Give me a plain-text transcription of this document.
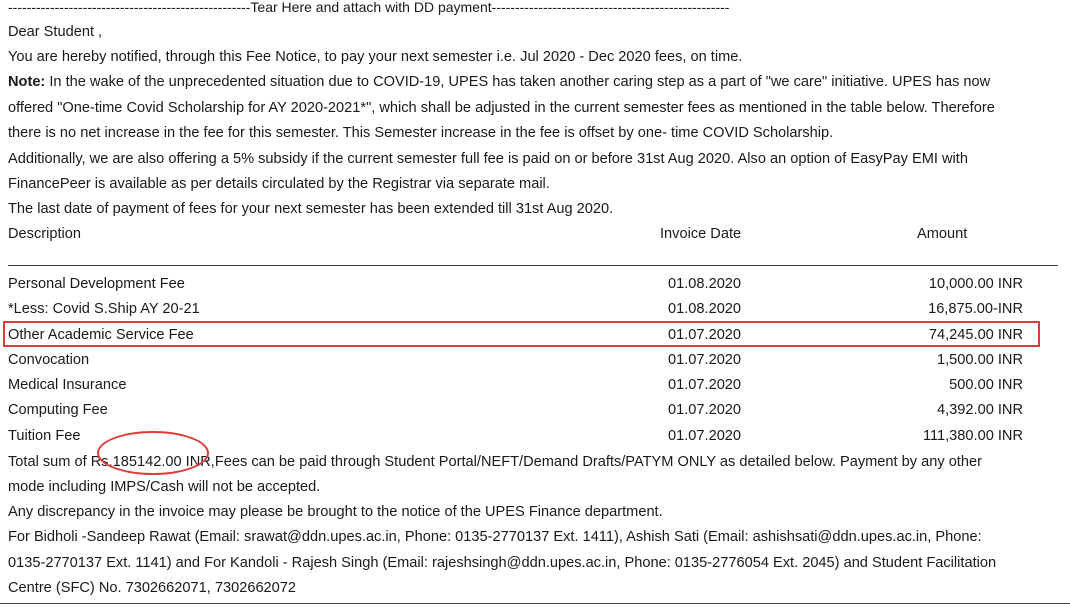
----------------------------------------------------Tear Here and attach with DD payment---------------------------------------------------
Dear Student ,
You are hereby notified, through this Fee Notice, to pay your next semester i.e. Jul 2020 - Dec 2020 fees, on time.
Note: In the wake of the unprecedented situation due to COVID-19, UPES has taken another caring step as a part of "we care" initiative. UPES has now
offered "One-time Covid Scholarship for AY 2020-2021*", which shall be adjusted in the current semester fees as mentioned in the table below. Therefore
there is no net increase in the fee for this semester. This Semester increase in the fee is offset by one- time COVID Scholarship.
Additionally, we are also offering a 5% subsidy if the current semester full fee is paid on or before 31st Aug 2020. Also an option of EasyPay EMI with
FinancePeer is available as per details circulated by the Registrar via separate mail.
The last date of payment of fees for your next semester has been extended till 31st Aug 2020.
Description	Invoice Date	Amount
Personal Development Fee	01.08.2020	10,000.00 INR
*Less: Covid S.Ship AY 20-21	01.08.2020	16,875.00-INR
Other Academic Service Fee	01.07.2020	74,245.00 INR
Convocation	01.07.2020	1,500.00 INR
Medical Insurance	01.07.2020	500.00 INR
Computing Fee	01.07.2020	4,392.00 INR
Tuition Fee	01.07.2020	111,380.00 INR
Total sum of Rs.185142.00 INR,Fees can be paid through Student Portal/NEFT/Demand Drafts/PATYM ONLY as detailed below. Payment by any other
mode including IMPS/Cash will not be accepted.
Any discrepancy in the invoice may please be brought to the notice of the UPES Finance department.
For Bidholi -Sandeep Rawat (Email: srawat@ddn.upes.ac.in, Phone: 0135-2770137 Ext. 1411), Ashish Sati (Email: ashishsati@ddn.upes.ac.in, Phone:
0135-2770137 Ext. 1141) and For Kandoli - Rajesh Singh (Email: rajeshsingh@ddn.upes.ac.in, Phone: 0135-2776054 Ext. 2045) and Student Facilitation
Centre (SFC) No. 7302662071, 7302662072
